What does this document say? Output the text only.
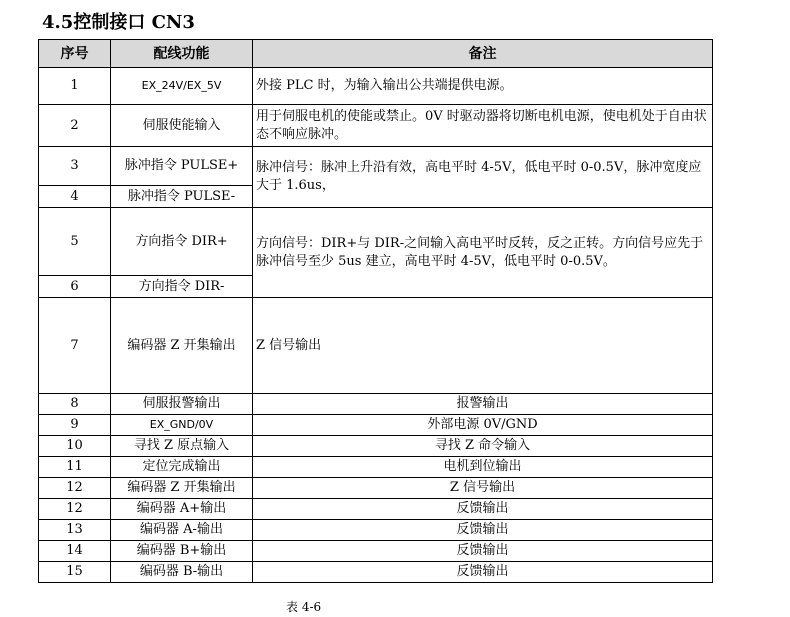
4.5控制接口 CN3
序号	配线功能	备注
1	EX_24V/EX_5V	外接 PLC 时，为输入输出公共端提供电源。
2	伺服使能输入	用于伺服电机的使能或禁止。0V 时驱动器将切断电机电源，使电机处于自由状态不响应脉冲。
3	脉冲指令 PULSE+	脉冲信号：脉冲上升沿有效，高电平时 4-5V，低电平时 0-0.5V，脉冲宽度应大于 1.6us，
4	脉冲指令 PULSE-	
5	方向指令 DIR+	方向信号：DIR+与 DIR-之间输入高电平时反转，反之正转。方向信号应先于脉冲信号至少 5us 建立，高电平时 4-5V，低电平时 0-0.5V。
6	方向指令 DIR-	
7	编码器 Z 开集输出	Z 信号输出
8	伺服报警输出	报警输出
9	EX_GND/0V	外部电源 0V/GND
10	寻找 Z 原点输入	寻找 Z 命令输入
11	定位完成输出	电机到位输出
12	编码器 Z 开集输出	Z 信号输出
12	编码器 A+输出	反馈输出
13	编码器 A-输出	反馈输出
14	编码器 B+输出	反馈输出
15	编码器 B-输出	反馈输出
表 4-6
